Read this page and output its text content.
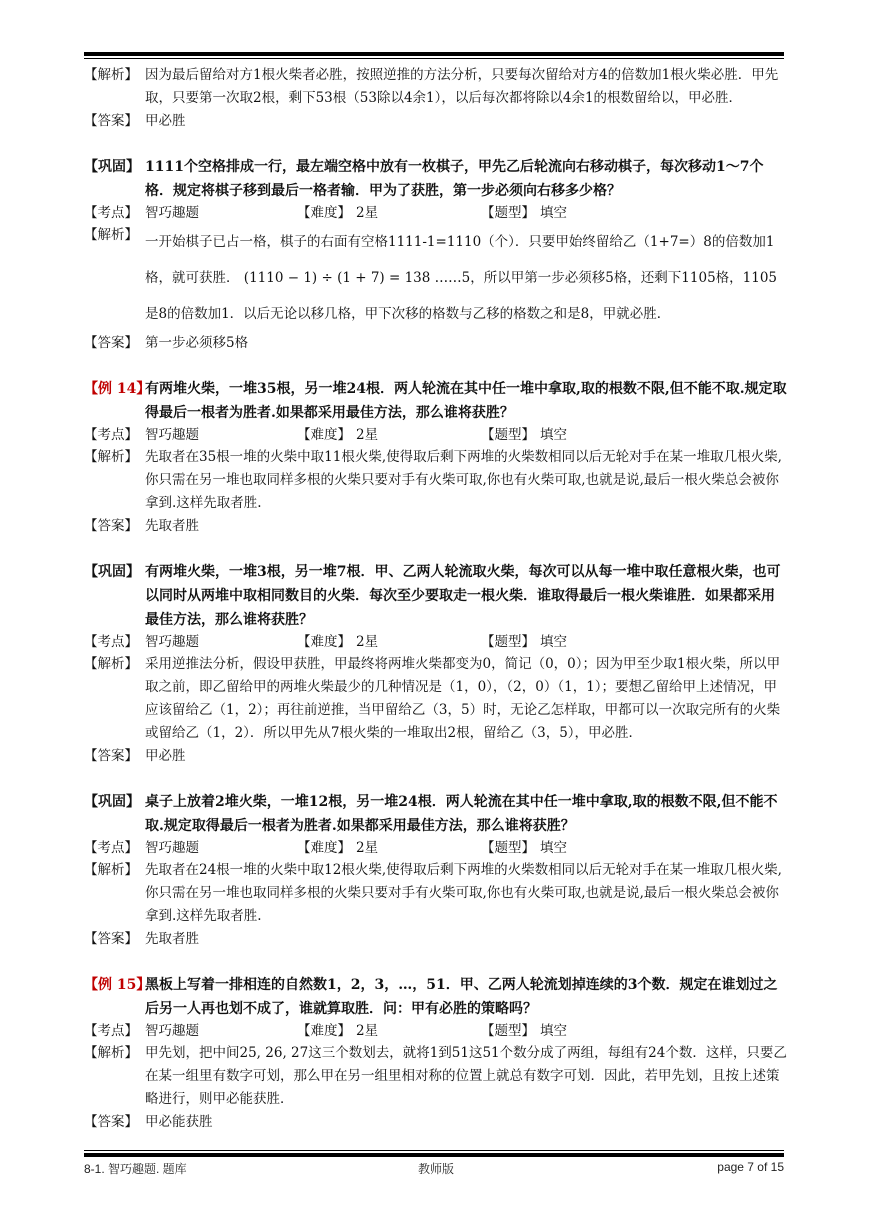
【解析】 因为最后留给对方1根火柴者必胜，按照逆推的方法分析，只要每次留给对方4的倍数加1根火柴必胜．甲先取，只要第一次取2根，剩下53根（53除以4余1），以后每次都将除以4余1的根数留给以，甲必胜．
【答案】 甲必胜
【巩固】 1111个空格排成一行，最左端空格中放有一枚棋子，甲先乙后轮流向右移动棋子，每次移动1～7个格．规定将棋子移到最后一格者输．甲为了获胜，第一步必须向右移多少格？
【考点】 智巧趣题	【难度】 2星	【题型】 填空
【解析】 一开始棋子已占一格，棋子的右面有空格1111-1=1110（个）．只要甲始终留给乙（1+7=）8的倍数加1格，就可获胜． (1110 − 1) ÷ (1 + 7) = 138 ……5，所以甲第一步必须移5格，还剩下1105格，1105是8的倍数加1．以后无论以移几格，甲下次移的格数与乙移的格数之和是8，甲就必胜．
【答案】 第一步必须移5格
【例 14】
有两堆火柴，一堆35根，另一堆24根．两人轮流在其中任一堆中拿取,取的根数不限,但不能不取.规定取得最后一根者为胜者.如果都采用最佳方法，那么谁将获胜？
【考点】 智巧趣题	【难度】 2星	【题型】 填空
【解析】 先取者在35根一堆的火柴中取11根火柴,使得取后剩下两堆的火柴数相同以后无轮对手在某一堆取几根火柴,你只需在另一堆也取同样多根的火柴只要对手有火柴可取,你也有火柴可取,也就是说,最后一根火柴总会被你拿到.这样先取者胜.
【答案】 先取者胜
【巩固】 有两堆火柴，一堆3根，另一堆7根．甲、乙两人轮流取火柴，每次可以从每一堆中取任意根火柴，也可以同时从两堆中取相同数目的火柴．每次至少要取走一根火柴．谁取得最后一根火柴谁胜．如果都采用最佳方法，那么谁将获胜？
【考点】 智巧趣题	【难度】 2星	【题型】 填空
【解析】 采用逆推法分析，假设甲获胜，甲最终将两堆火柴都变为0，简记（0，0）；因为甲至少取1根火柴，所以甲取之前，即乙留给甲的两堆火柴最少的几种情况是（1，0），（2，0）（1，1）；要想乙留给甲上述情况，甲应该留给乙（1，2）；再往前逆推，当甲留给乙（3，5）时，无论乙怎样取，甲都可以一次取完所有的火柴或留给乙（1，2）．所以甲先从7根火柴的一堆取出2根，留给乙（3，5），甲必胜．
【答案】 甲必胜
【巩固】 桌子上放着2堆火柴，一堆12根，另一堆24根．两人轮流在其中任一堆中拿取,取的根数不限,但不能不取.规定取得最后一根者为胜者.如果都采用最佳方法，那么谁将获胜？
【考点】 智巧趣题	【难度】 2星	【题型】 填空
【解析】 先取者在24根一堆的火柴中取12根火柴,使得取后剩下两堆的火柴数相同以后无轮对手在某一堆取几根火柴,你只需在另一堆也取同样多根的火柴只要对手有火柴可取,你也有火柴可取,也就是说,最后一根火柴总会被你拿到.这样先取者胜.
【答案】 先取者胜
【例 15】
黑板上写着一排相连的自然数1，2，3，…，51．甲、乙两人轮流划掉连续的3个数．规定在谁划过之后另一人再也划不成了，谁就算取胜．问：甲有必胜的策略吗？
【考点】 智巧趣题	【难度】 2星	【题型】 填空
【解析】 甲先划，把中间25, 26, 27这三个数划去，就将1到51这51个数分成了两组，每组有24个数．这样，只要乙在某一组里有数字可划，那么甲在另一组里相对称的位置上就总有数字可划．因此，若甲先划，且按上述策略进行，则甲必能获胜．
【答案】 甲必能获胜
8-1. 智巧趣题. 题库	教师版	page 7 of 15
